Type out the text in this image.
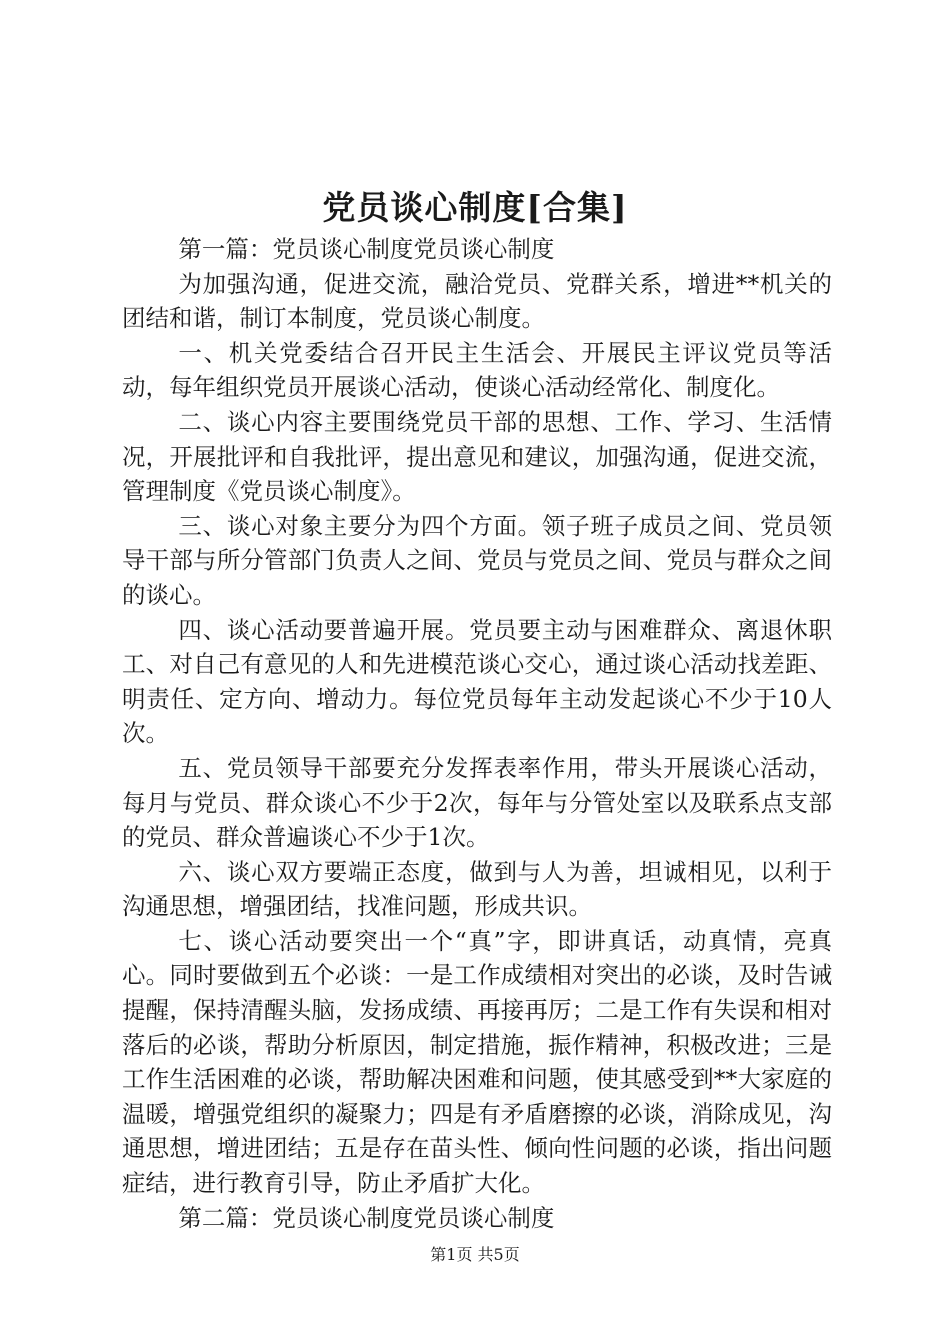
党员谈心制度[合集]

第一篇：党员谈心制度党员谈心制度

为加强沟通，促进交流，融洽党员、党群关系，增进**机关的团结和谐，制订本制度，党员谈心制度。

一、机关党委结合召开民主生活会、开展民主评议党员等活动，每年组织党员开展谈心活动，使谈心活动经常化、制度化。

二、谈心内容主要围绕党员干部的思想、工作、学习、生活情况，开展批评和自我批评，提出意见和建议，加强沟通，促进交流，管理制度《党员谈心制度》。

三、谈心对象主要分为四个方面。领子班子成员之间、党员领导干部与所分管部门负责人之间、党员与党员之间、党员与群众之间的谈心。

四、谈心活动要普遍开展。党员要主动与困难群众、离退休职工、对自己有意见的人和先进模范谈心交心，通过谈心活动找差距、明责任、定方向、增动力。每位党员每年主动发起谈心不少于10人次。

五、党员领导干部要充分发挥表率作用，带头开展谈心活动，每月与党员、群众谈心不少于2次，每年与分管处室以及联系点支部的党员、群众普遍谈心不少于1次。

六、谈心双方要端正态度，做到与人为善，坦诚相见，以利于沟通思想，增强团结，找准问题，形成共识。

七、谈心活动要突出一个“真”字，即讲真话，动真情，亮真心。同时要做到五个必谈：一是工作成绩相对突出的必谈，及时告诫提醒，保持清醒头脑，发扬成绩、再接再厉；二是工作有失误和相对落后的必谈，帮助分析原因，制定措施，振作精神，积极改进；三是工作生活困难的必谈，帮助解决困难和问题，使其感受到**大家庭的温暖，增强党组织的凝聚力；四是有矛盾磨擦的必谈，消除成见，沟通思想，增进团结；五是存在苗头性、倾向性问题的必谈，指出问题症结，进行教育引导，防止矛盾扩大化。

第二篇：党员谈心制度党员谈心制度

第1页 共5页
